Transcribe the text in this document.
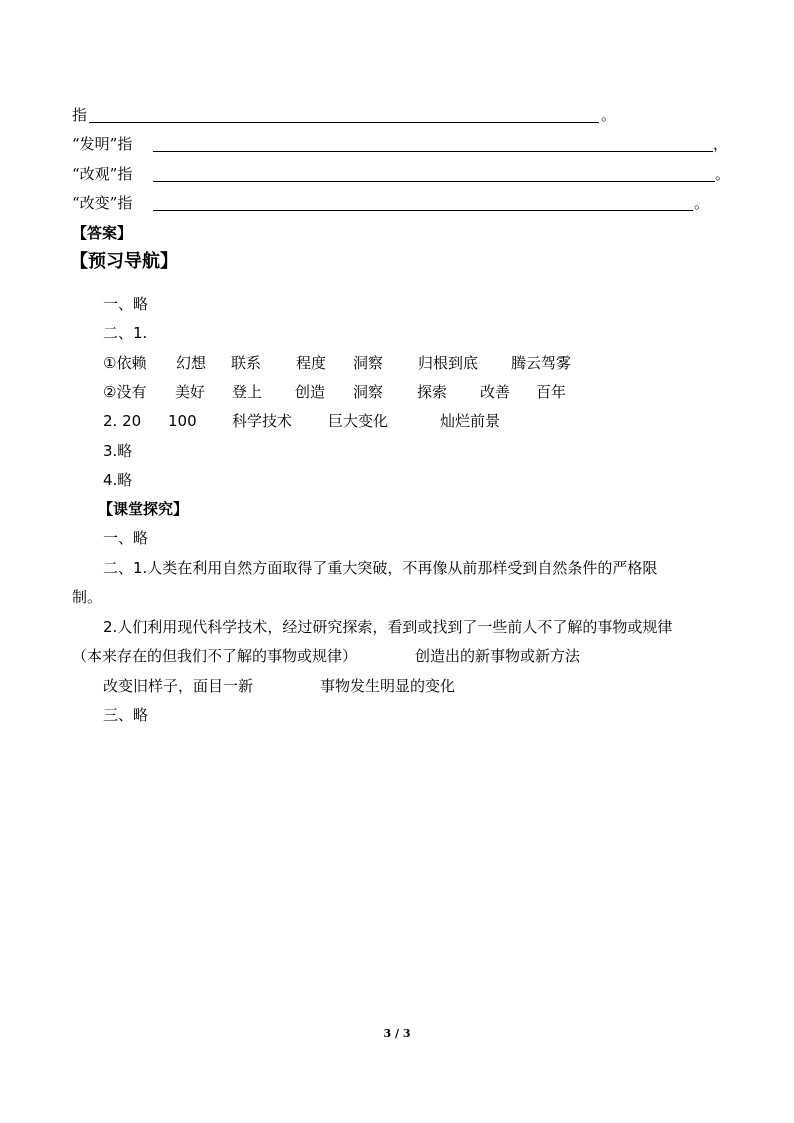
指	。
“发明”指	，
“改观”指	。
“改变”指	。
【答案】
【预习导航】
一、略
二、1.
①依赖 幻想 联系 程度 洞察 归根到底 腾云驾雾
②没有 美好 登上 创造 洞察 探索 改善 百年
2. 20 100 科学技术 巨大变化	灿烂前景
3.略
4.略
【课堂探究】
一、略
二、1.人类在利用自然方面取得了重大突破，不再像从前那样受到自然条件的严格限
制。
2.人们利用现代科学技术，经过研究探索，看到或找到了一些前人不了解的事物或规律
（本来存在的但我们不了解的事物或规律）	创造出的新事物或新方法
改变旧样子，面目一新	事物发生明显的变化
三、略
3 / 3
